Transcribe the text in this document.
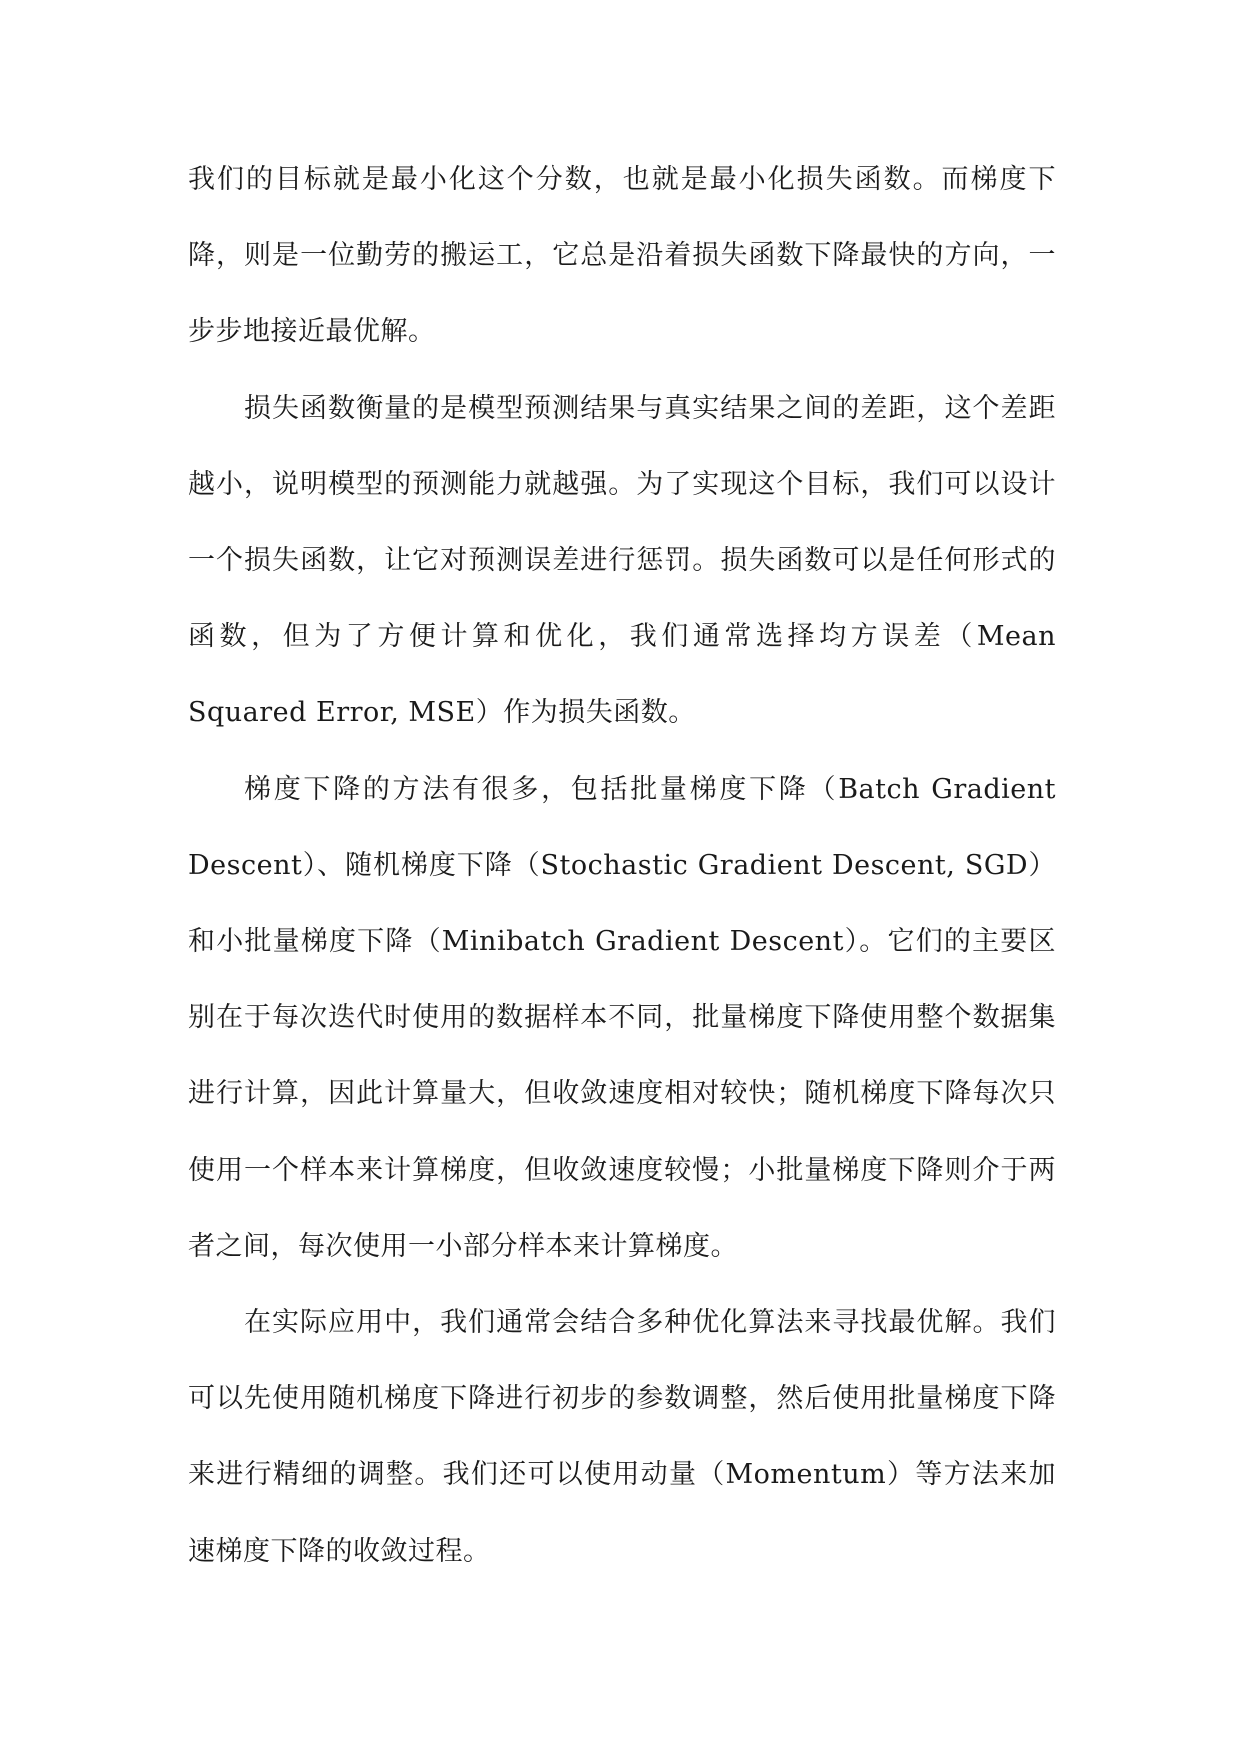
我们的目标就是最小化这个分数，也就是最小化损失函数。而梯度下降，则是一位勤劳的搬运工，它总是沿着损失函数下降最快的方向，一步步地接近最优解。

损失函数衡量的是模型预测结果与真实结果之间的差距，这个差距越小，说明模型的预测能力就越强。为了实现这个目标，我们可以设计一个损失函数，让它对预测误差进行惩罚。损失函数可以是任何形式的函数，但为了方便计算和优化，我们通常选择均方误差（Mean Squared Error, MSE）作为损失函数。

梯度下降的方法有很多，包括批量梯度下降（Batch Gradient Descent）、随机梯度下降（Stochastic Gradient Descent, SGD）和小批量梯度下降（Minibatch Gradient Descent）。它们的主要区别在于每次迭代时使用的数据样本不同，批量梯度下降使用整个数据集进行计算，因此计算量大，但收敛速度相对较快；随机梯度下降每次只使用一个样本来计算梯度，但收敛速度较慢；小批量梯度下降则介于两者之间，每次使用一小部分样本来计算梯度。

在实际应用中，我们通常会结合多种优化算法来寻找最优解。我们可以先使用随机梯度下降进行初步的参数调整，然后使用批量梯度下降来进行精细的调整。我们还可以使用动量（Momentum）等方法来加速梯度下降的收敛过程。
